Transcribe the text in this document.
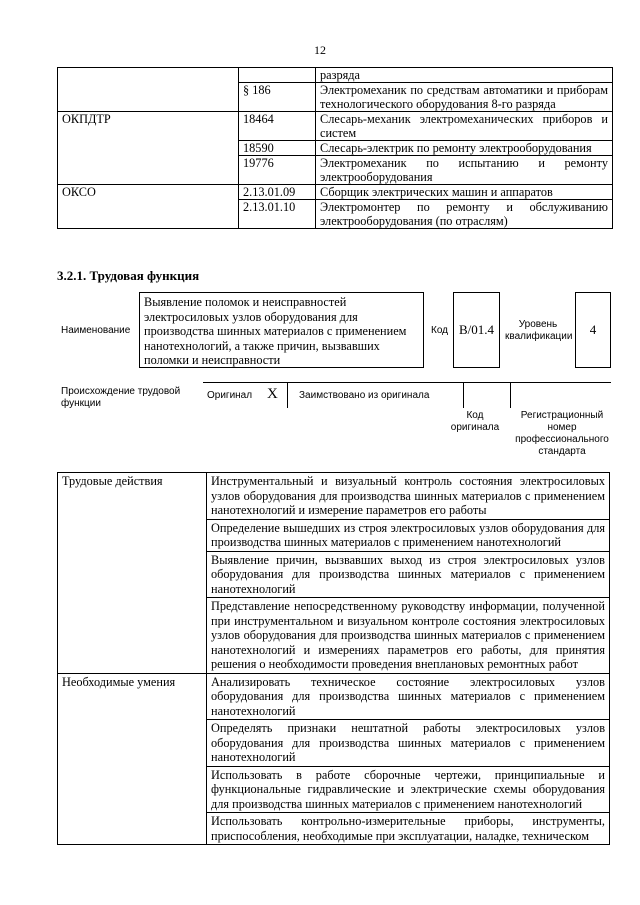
12
		разряда
	§ 186	Электромеханик по средствам автоматики и приборам технологического оборудования 8-го разряда
ОКПДТР	18464	Слесарь-механик электромеханических приборов и систем
	18590	Слесарь-электрик по ремонту электрооборудования
	19776	Электромеханик по испытанию и ремонту электрооборудования
ОКСО	2.13.01.09	Сборщик электрических машин и аппаратов
	2.13.01.10	Электромонтер по ремонту и обслуживанию электрооборудования (по отраслям)
3.2.1. Трудовая функция
Наименование
Выявление поломок и неисправностей электросиловых узлов оборудования для производства шинных материалов с применением нанотехнологий, а также причин, вызвавших поломки и неисправности
Код B/01.4	Уровень квалификации	4
Происхождение трудовой функции
Оригинал X Заимствовано из оригинала
Код оригинала
Регистрационный номер профессионального стандарта
Трудовые действия	Инструментальный и визуальный контроль состояния электросиловых узлов оборудования для производства шинных материалов с применением нанотехнологий и измерение параметров его работы
	Определение вышедших из строя электросиловых узлов оборудования для производства шинных материалов с применением нанотехнологий
	Выявление причин, вызвавших выход из строя электросиловых узлов оборудования для производства шинных материалов с применением нанотехнологий
	Представление непосредственному руководству информации, полученной при инструментальном и визуальном контроле состояния электросиловых узлов оборудования для производства шинных материалов с применением нанотехнологий и измерениях параметров его работы, для принятия решения о необходимости проведения внеплановых ремонтных работ
Необходимые умения	Анализировать техническое состояние электросиловых узлов оборудования для производства шинных материалов с применением нанотехнологий
	Определять признаки нештатной работы электросиловых узлов оборудования для производства шинных материалов с применением нанотехнологий
	Использовать в работе сборочные чертежи, принципиальные и функциональные гидравлические и электрические схемы оборудования для производства шинных материалов с применением нанотехнологий
	Использовать контрольно-измерительные приборы, инструменты, приспособления, необходимые при эксплуатации, наладке, техническом
